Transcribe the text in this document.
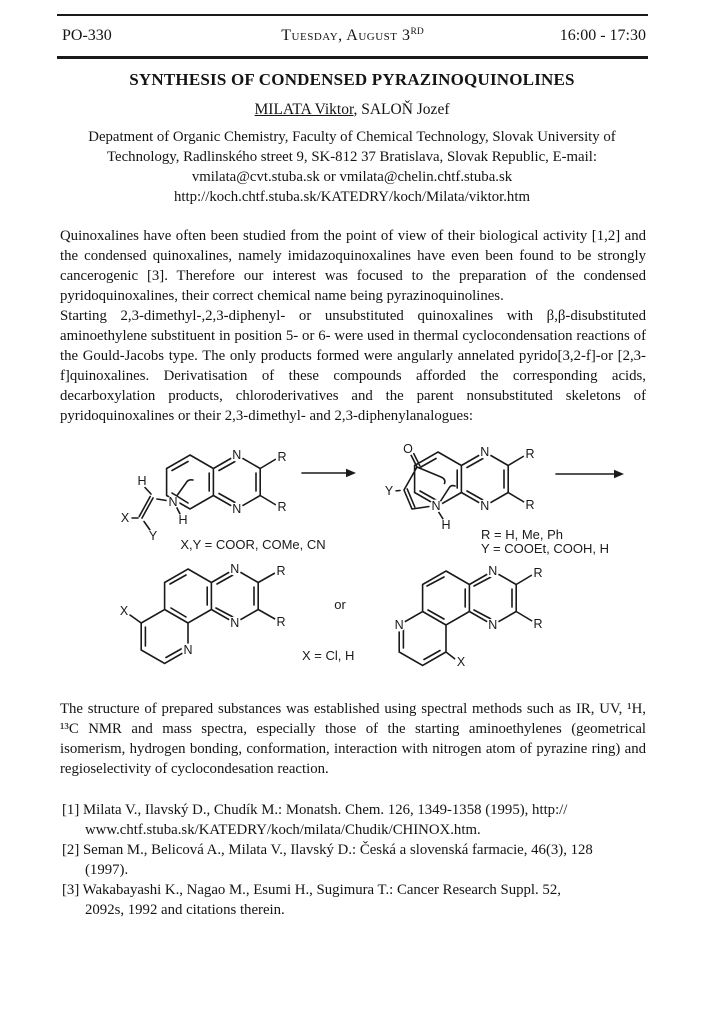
PO-330	Tuesday, August 3RD	16:00 - 17:30
SYNTHESIS OF CONDENSED PYRAZINOQUINOLINES
MILATA Viktor, SALOŇ Jozef
Depatment of Organic Chemistry, Faculty of Chemical Technology, Slovak University of
Technology, Radlinského street 9, SK-812 37 Bratislava, Slovak Republic, E-mail:
vmilata@cvt.stuba.sk or vmilata@chelin.chtf.stuba.sk
http://koch.chtf.stuba.sk/KATEDRY/koch/Milata/viktor.htm

Quinoxalines have often been studied from the point of view of their biological activity [1,2] and the condensed quinoxalines, namely imidazoquinoxalines have even been found to be strongly cancerogenic [3]. Therefore our interest was focused to the preparation of the condensed pyridoquinoxalines, their correct chemical name being pyrazinoquinolines.

Starting 2,3-dimethyl-,2,3-diphenyl- or unsubstituted quinoxalines with β,β-disubstituted aminoethylene substituent in position 5- or 6- were used in thermal cyclocondensation reactions of the Gould-Jacobs type. The only products formed were angularly annelated pyrido[3,2-f]-or [2,3-f]quinoxalines. Derivatisation of these compounds afforded the corresponding acids, decarboxylation products, chloroderivatives and the parent nonsubstituted skeletons of pyridoquinoxalines or their 2,3-dimethyl- and 2,3-diphenylanalogues:

N
N
R
R
H
N
H
X
Y
O
Y
N
H
N
N
R
R
X
N
N
R
R
N
N
N
N
R
R
X
X,Y = COOR, COMe, CN
R = H, Me, Ph
Y = COOEt, COOH, H
or
X = Cl, H

The structure of prepared substances was established using spectral methods such as IR, UV, ¹H, ¹³C NMR and mass spectra, especially those of the starting aminoethylenes (geometrical isomerism, hydrogen bonding, conformation, interaction with nitrogen atom of pyrazine ring) and regioselectivity of cyclocondesation reaction.

[1] Milata V., Ilavský D., Chudík M.: Monatsh. Chem. 126, 1349-1358 (1995), http://
www.chtf.stuba.sk/KATEDRY/koch/milata/Chudik/CHINOX.htm.
[2] Seman M., Belicová A., Milata V., Ilavský D.: Česká a slovenská farmacie, 46(3), 128
(1997).
[3] Wakabayashi K., Nagao M., Esumi H., Sugimura T.: Cancer Research Suppl. 52,
2092s, 1992 and citations therein.
